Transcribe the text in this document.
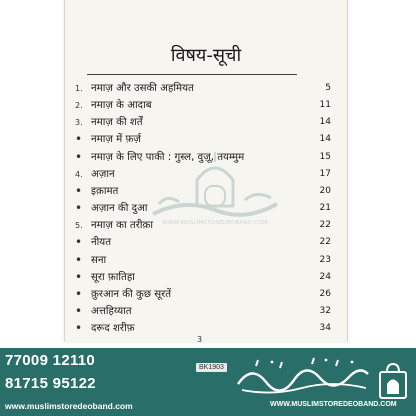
विषय-सूची
1. नमाज़ और उसकी अहमियत	5
2. नमाज़ के आदाब	11
3. नमाज़ की शर्तें	14
• नमाज़ में फ़र्ज़	14
• नमाज़ के लिए पाकी : गुस्ल, वुज़ू, तयम्मुम	15
4. अज़ान	17
• इक़ामत	20
• अज़ान की दुआ	21
5. नमाज़ का तरीक़ा	22
• नीयत	22
• सना	23
• सूरा फ़ातिहा	24
• क़ुरआन की कुछ सूरतें	26
• अत्तहिय्यात	32
• दरूद शरीफ़	34
WWW.MUSLIMSTOREDEOBAND.COM
3
77009 12110
81715 95122
www.muslimstoredeoband.com
BK1903
WWW.MUSLIMSTOREDEOBAND.COM
